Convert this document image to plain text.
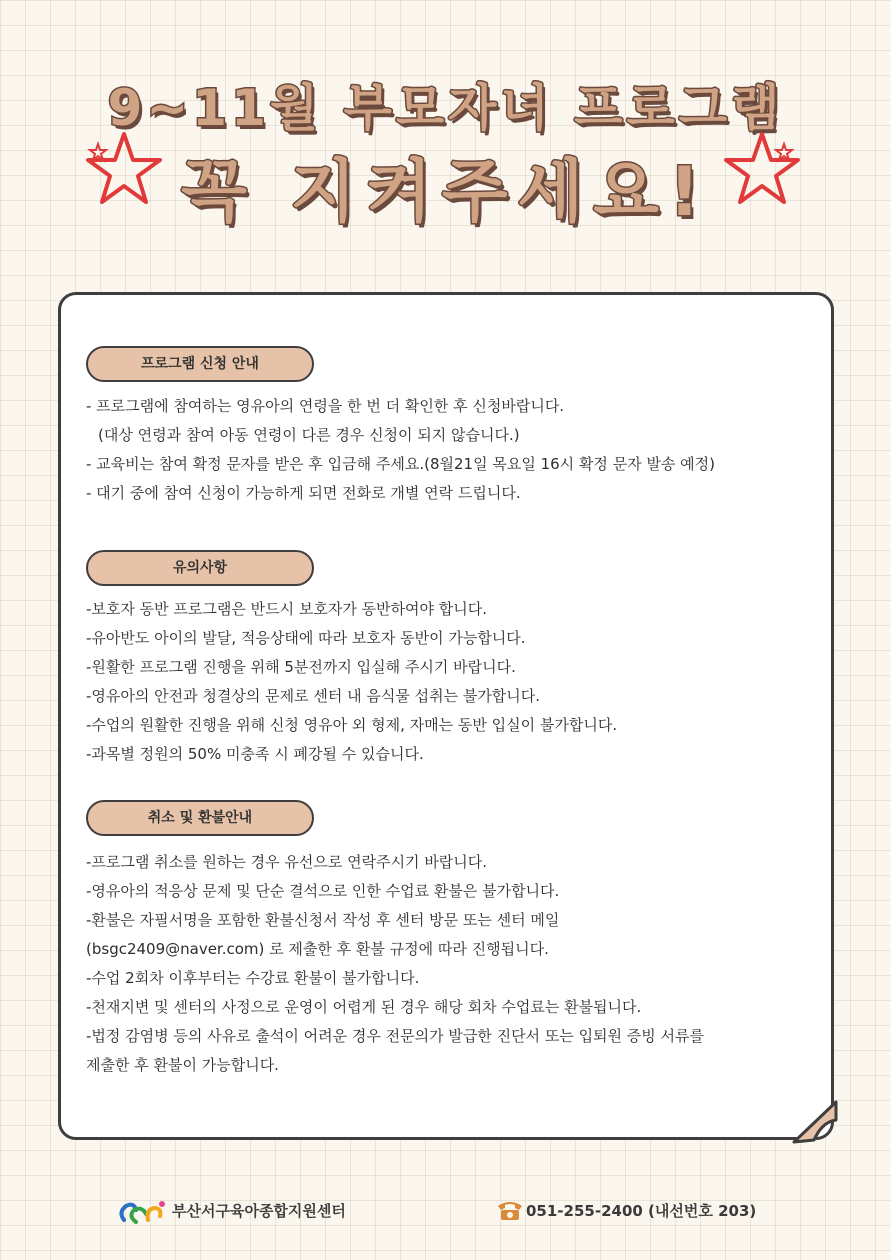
9~11월 부모자녀 프로그램
꼭 지켜주세요!
프로그램 신청 안내
- 프로그램에 참여하는 영유아의 연령을 한 번 더 확인한 후 신청바랍니다.
(대상 연령과 참여 아동 연령이 다른 경우 신청이 되지 않습니다.)
- 교육비는 참여 확정 문자를 받은 후 입금해 주세요.(8월21일 목요일 16시 확정 문자 발송 예정)
- 대기 중에 참여 신청이 가능하게 되면 전화로 개별 연락 드립니다.
유의사항
-보호자 동반 프로그램은 반드시 보호자가 동반하여야 합니다.
-유아반도 아이의 발달, 적응상태에 따라 보호자 동반이 가능합니다.
-원활한 프로그램 진행을 위해 5분전까지 입실해 주시기 바랍니다.
-영유아의 안전과 청결상의 문제로 센터 내 음식물 섭취는 불가합니다.
-수업의 원활한 진행을 위해 신청 영유아 외 형제, 자매는 동반 입실이 불가합니다.
-과목별 정원의 50% 미충족 시 폐강될 수 있습니다.
취소 및 환불안내
-프로그램 취소를 원하는 경우 유선으로 연락주시기 바랍니다.
-영유아의 적응상 문제 및 단순 결석으로 인한 수업료 환불은 불가합니다.
-환불은 자필서명을 포함한 환불신청서 작성 후 센터 방문 또는 센터 메일
(bsgc2409@naver.com) 로 제출한 후 환불 규정에 따라 진행됩니다.
-수업 2회차 이후부터는 수강료 환불이 불가합니다.
-천재지변 및 센터의 사정으로 운영이 어렵게 된 경우 해당 회차 수업료는 환불됩니다.
-법정 감염병 등의 사유로 출석이 어려운 경우 전문의가 발급한 진단서 또는 입퇴원 증빙 서류를
제출한 후 환불이 가능합니다.
부산서구육아종합지원센터	051-255-2400 (내선번호 203)
